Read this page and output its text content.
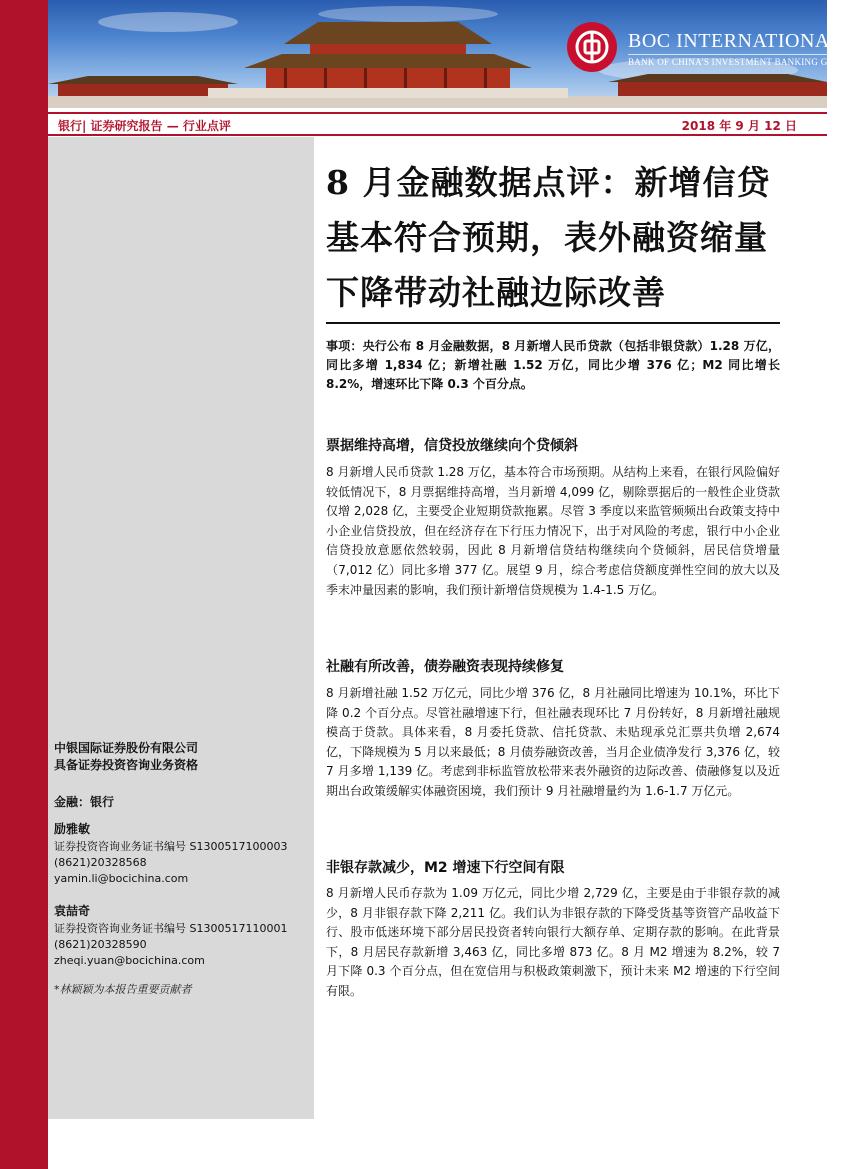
BOC INTERNATIONAL
BANK OF CHINA'S INVESTMENT BANKING GROUP
银行| 证券研究报告 — 行业点评	2018 年 9 月 12 日
中银国际证券股份有限公司
具备证券投资咨询业务资格
金融：银行
励雅敏
证券投资咨询业务证书编号 S1300517100003
(8621)20328568
yamin.li@bocichina.com
袁喆奇
证券投资咨询业务证书编号 S1300517110001
(8621)20328590
zheqi.yuan@bocichina.com
*林颖颖为本报告重要贡献者
8 月金融数据点评：新增信贷基本符合预期，表外融资缩量下降带动社融边际改善
事项：央行公布 8 月金融数据，8 月新增人民币贷款（包括非银贷款）1.28 万亿，同比多增 1,834 亿；新增社融 1.52 万亿，同比少增 376 亿；M2 同比增长 8.2%，增速环比下降 0.3 个百分点。
票据维持高增，信贷投放继续向个贷倾斜
8 月新增人民币贷款 1.28 万亿，基本符合市场预期。从结构上来看，在银行风险偏好较低情况下，8 月票据维持高增，当月新增 4,099 亿，剔除票据后的一般性企业贷款仅增 2,028 亿，主要受企业短期贷款拖累。尽管 3 季度以来监管频频出台政策支持中小企业信贷投放，但在经济存在下行压力情况下，出于对风险的考虑，银行中小企业信贷投放意愿依然较弱，因此 8 月新增信贷结构继续向个贷倾斜，居民信贷增量（7,012 亿）同比多增 377 亿。展望 9 月，综合考虑信贷额度弹性空间的放大以及季末冲量因素的影响，我们预计新增信贷规模为 1.4-1.5 万亿。
社融有所改善，债券融资表现持续修复
8 月新增社融 1.52 万亿元，同比少增 376 亿，8 月社融同比增速为 10.1%，环比下降 0.2 个百分点。尽管社融增速下行，但社融表现环比 7 月份转好，8 月新增社融规模高于贷款。具体来看，8 月委托贷款、信托贷款、未贴现承兑汇票共负增 2,674 亿，下降规模为 5 月以来最低；8 月债券融资改善，当月企业债净发行 3,376 亿，较 7 月多增 1,139 亿。考虑到非标监管放松带来表外融资的边际改善、债融修复以及近期出台政策缓解实体融资困境，我们预计 9 月社融增量约为 1.6-1.7 万亿元。
非银存款减少，M2 增速下行空间有限
8 月新增人民币存款为 1.09 万亿元，同比少增 2,729 亿，主要是由于非银存款的减少，8 月非银存款下降 2,211 亿。我们认为非银存款的下降受货基等资管产品收益下行、股市低迷环境下部分居民投资者转向银行大额存单、定期存款的影响。在此背景下，8 月居民存款新增 3,463 亿，同比多增 873 亿。8 月 M2 增速为 8.2%，较 7 月下降 0.3 个百分点，但在宽信用与积极政策刺激下，预计未来 M2 增速的下行空间有限。
